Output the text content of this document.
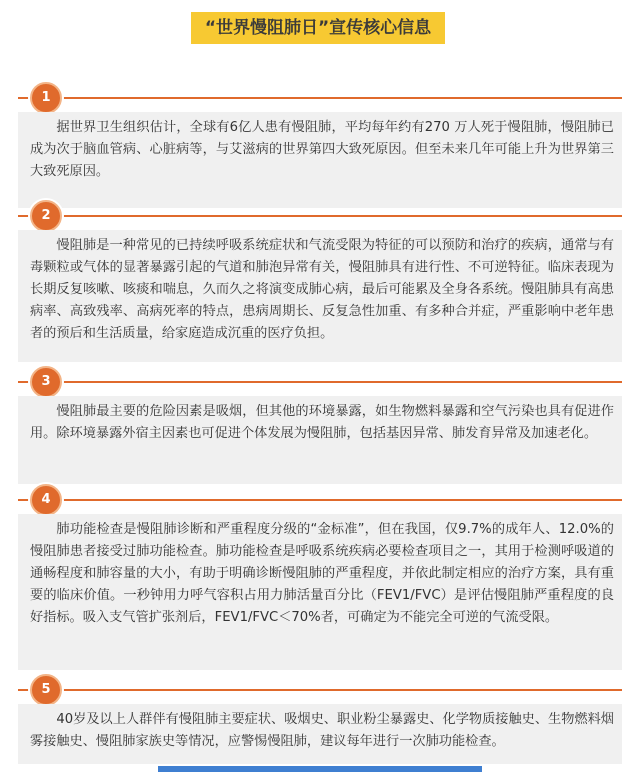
“世界慢阻肺日”宣传核心信息
1

据世界卫生组织估计，全球有6亿人患有慢阻肺，平均每年约有270 万人死于慢阻肺，慢阻肺已成为次于脑血管病、心脏病等，与艾滋病的世界第四大致死原因。但至未来几年可能上升为世界第三大致死原因。

2

慢阻肺是一种常见的已持续呼吸系统症状和气流受限为特征的可以预防和治疗的疾病，通常与有毒颗粒或气体的显著暴露引起的气道和肺泡异常有关，慢阻肺具有进行性、不可逆特征。临床表现为长期反复咳嗽、咳痰和喘息，久而久之将演变成肺心病，最后可能累及全身各系统。慢阻肺具有高患病率、高致残率、高病死率的特点，患病周期长、反复急性加重、有多种合并症，严重影响中老年患者的预后和生活质量，给家庭造成沉重的医疗负担。

3

慢阻肺最主要的危险因素是吸烟，但其他的环境暴露，如生物燃料暴露和空气污染也具有促进作用。除环境暴露外宿主因素也可促进个体发展为慢阻肺，包括基因异常、肺发育异常及加速老化。

4

肺功能检查是慢阻肺诊断和严重程度分级的“金标准”，但在我国，仅9.7%的成年人、12.0%的慢阻肺患者接受过肺功能检查。肺功能检查是呼吸系统疾病必要检查项目之一，其用于检测呼吸道的通畅程度和肺容量的大小，有助于明确诊断慢阻肺的严重程度，并依此制定相应的治疗方案，具有重要的临床价值。一秒钟用力呼气容积占用力肺活量百分比（FEV1/FVC）是评估慢阻肺严重程度的良好指标。吸入支气管扩张剂后，FEV1/FVC＜70%者，可确定为不能完全可逆的气流受限。

5

40岁及以上人群伴有慢阻肺主要症状、吸烟史、职业粉尘暴露史、化学物质接触史、生物燃料烟雾接触史、慢阻肺家族史等情况，应警惕慢阻肺，建议每年进行一次肺功能检查。
